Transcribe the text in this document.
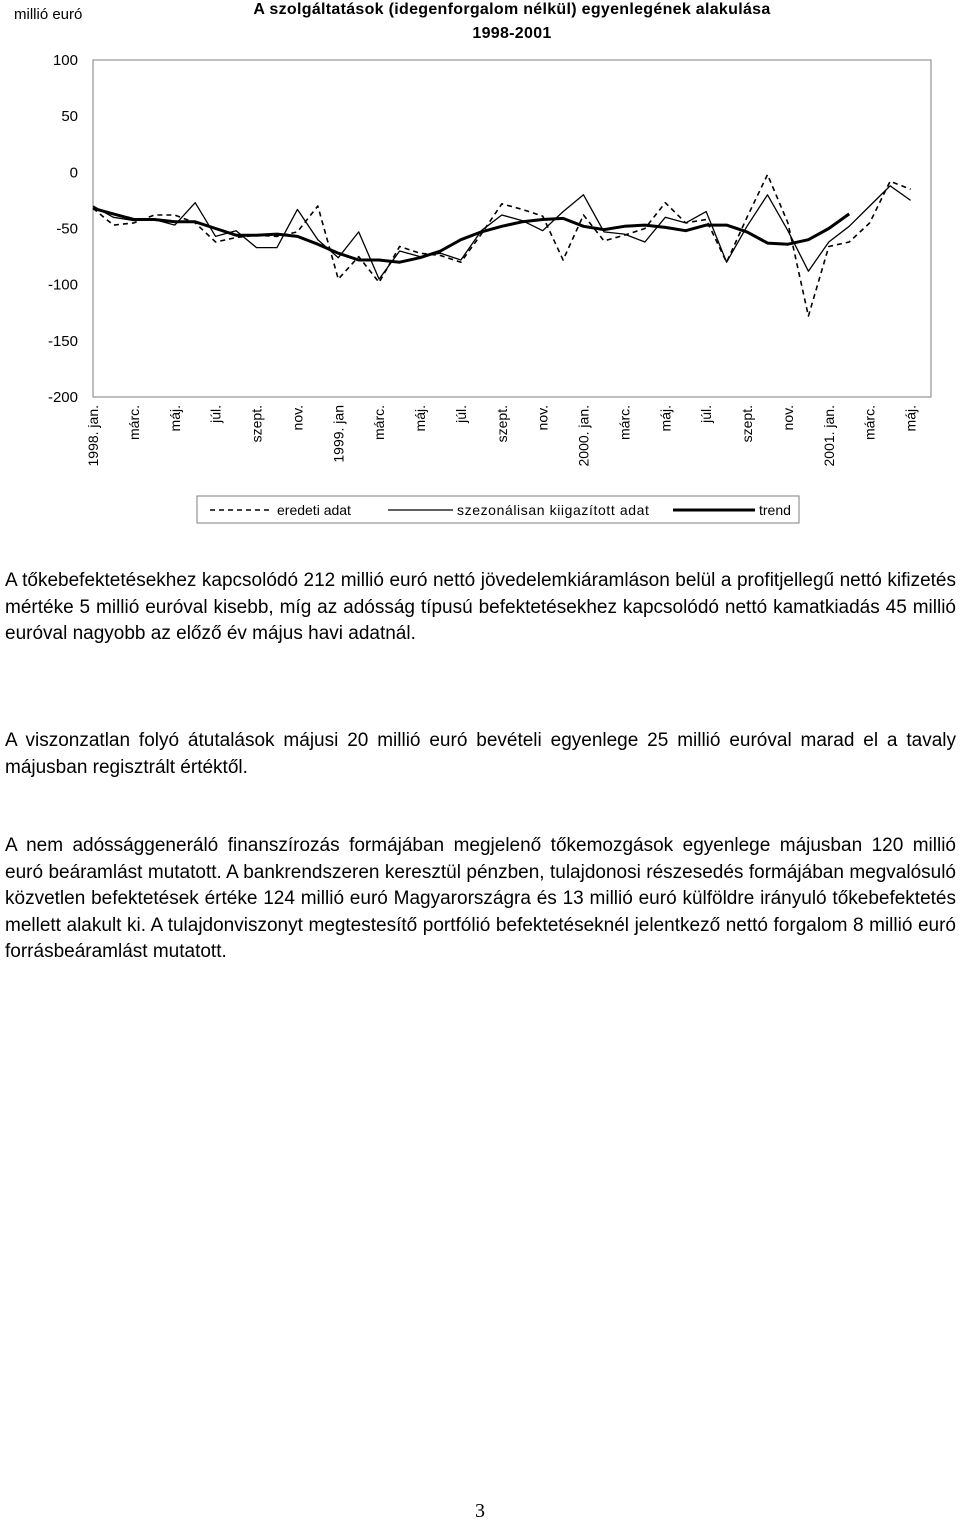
millió euró	A szolgáltatások (idegenforgalom nélkül) egyenlegének alakulása
1998-2001
100
50
0
-50
-100
-150
-200
1998. jan. márc. máj. júl. szept. nov. 1999. jan márc. máj. júl. szept. nov. 2000. jan. márc. máj. júl. szept. nov. 2001. jan. márc. máj.
eredeti adat	szezonálisan kiigazított adat	trend

A tőkebefektetésekhez kapcsolódó 212 millió euró nettó jövedelemkiáramláson belül a profitjellegű nettó kifizetés mértéke 5 millió euróval kisebb, míg az adósság típusú befektetésekhez kapcsolódó nettó kamatkiadás 45 millió euróval nagyobb az előző év május havi adatnál.

A viszonzatlan folyó átutalások májusi 20 millió euró bevételi egyenlege 25 millió euróval marad el a tavaly májusban regisztrált értéktől.

A nem adóssággeneráló finanszírozás formájában megjelenő tőkemozgások egyenlege májusban 120 millió euró beáramlást mutatott. A bankrendszeren keresztül pénzben, tulajdonosi részesedés formájában megvalósuló közvetlen befektetések értéke 124 millió euró Magyarországra és 13 millió euró külföldre irányuló tőkebefektetés mellett alakult ki. A tulajdonviszonyt megtestesítő portfólió befektetéseknél jelentkező nettó forgalom 8 millió euró forrásbeáramlást mutatott.

3
